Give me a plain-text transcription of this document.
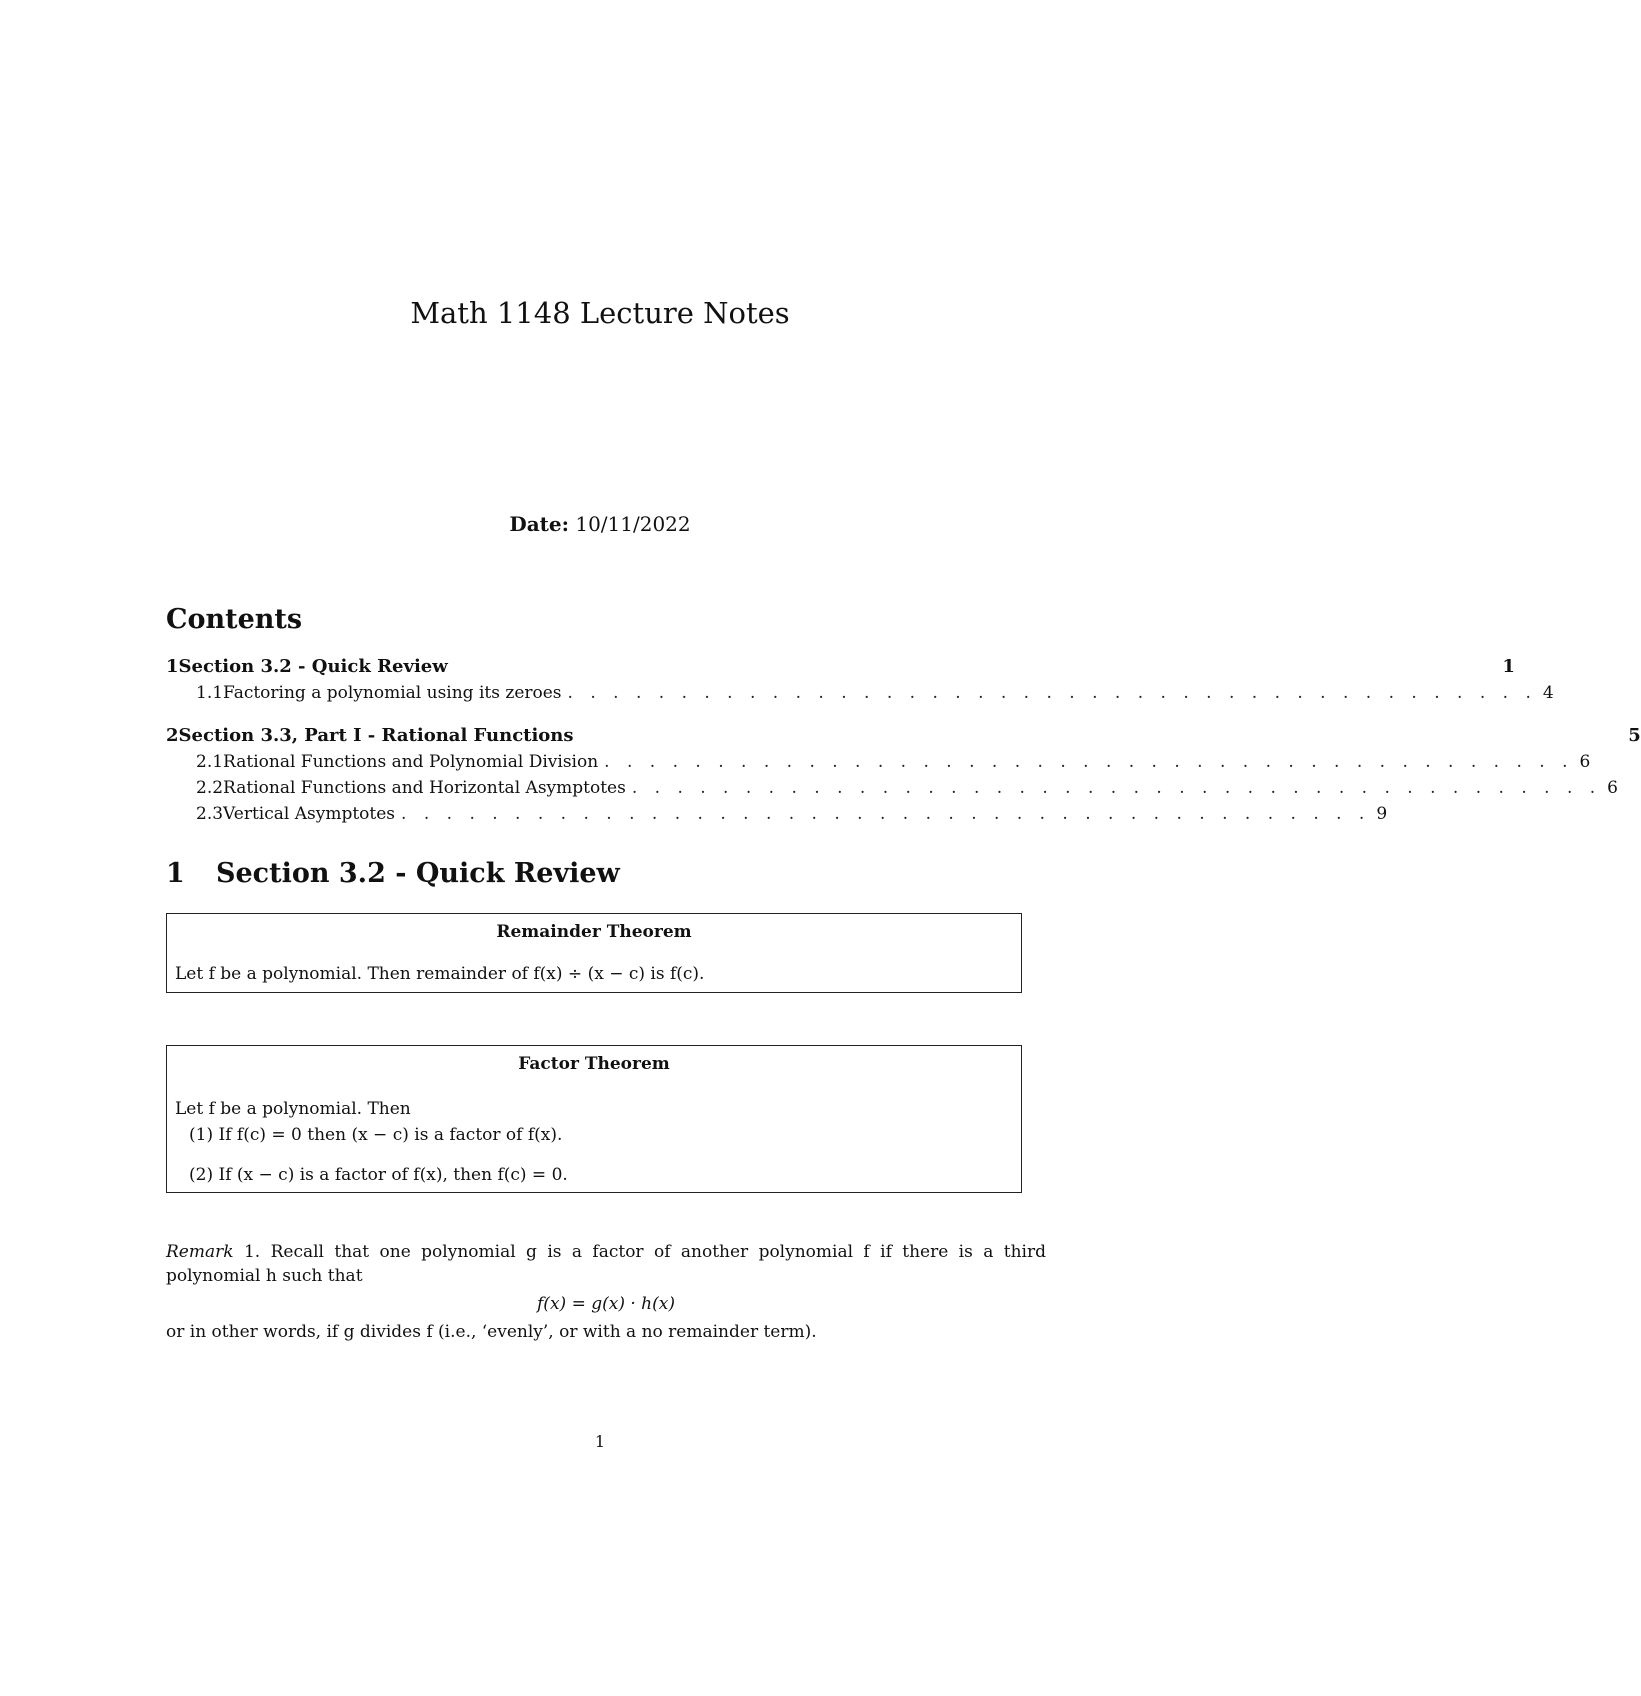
Math 1148 Lecture Notes
Date: 10/11/2022
Contents
1 Section 3.2 - Quick Review	1
1.1 Factoring a polynomial using its zeroes . . . . . . . . . . . . . . . . . . . . . . . . . . . . . . . . . . . . . . . . . . . 4
2 Section 3.3, Part I - Rational Functions	5
2.1 Rational Functions and Polynomial Division . . . . . . . . . . . . . . . . . . . . . . . . . . . . . . . . . . . . . . . . . . . 6
2.2 Rational Functions and Horizontal Asymptotes . . . . . . . . . . . . . . . . . . . . . . . . . . . . . . . . . . . . . . . . . . . 6
2.3 Vertical Asymptotes . . . . . . . . . . . . . . . . . . . . . . . . . . . . . . . . . . . . . . . . . . . 9
1 Section 3.2 - Quick Review
Remainder Theorem
Let f be a polynomial. Then remainder of f(x) ÷ (x − c) is f(c).
Factor Theorem
Let f be a polynomial. Then
(1) If f(c) = 0 then (x − c) is a factor of f(x).
(2) If (x − c) is a factor of f(x), then f(c) = 0.
Remark 1. Recall that one polynomial g is a factor of another polynomial f if there is a third polynomial h such that
f(x) = g(x) · h(x)
or in other words, if g divides f (i.e., ‘evenly’, or with a no remainder term).
1
